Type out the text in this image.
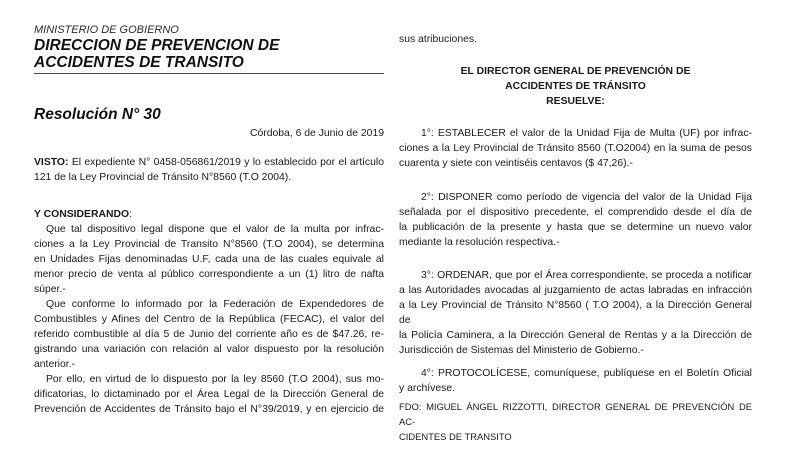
MINISTERIO DE GOBIERNO
DIRECCION DE PREVENCION DE
ACCIDENTES DE TRANSITO
Resolución N° 30
Córdoba, 6 de Junio de 2019

VISTO: El expediente N° 0458-056861/2019 y lo establecido por el artículo

121 de la Ley Provincial de Tránsito N°8560 (T.O 2004).

Y CONSIDERANDO:

Que tal dispositivo legal dispone que el valor de la multa por infrac-

ciones a la Ley Provincial de Transito N°8560 (T.O 2004), se determina

en Unidades Fijas denominadas U.F, cada una de las cuales equivale al

menor precio de venta al público correspondiente a un (1) litro de nafta

súper.-

Que conforme lo informado por la Federación de Expendedores de

Combustibles y Afines del Centro de la República (FECAC), el valor del

referido combustible al día 5 de Junio del corriente año es de $47.26, re-

gistrando una variación con relación al valor dispuesto por la resolución

anterior.-

Por ello, en virtud de lo dispuesto por la ley 8560 (T.O 2004), sus mo-

dificatorias, lo dictaminado por el Área Legal de la Dirección General de

Prevención de Accidentes de Tránsito bajo el N°39/2019, y en ejercicio de

sus atribuciones.
EL DIRECTOR GENERAL DE PREVENCIÓN DE
ACCIDENTES DE TRÁNSITO
RESUELVE:

1°: ESTABLECER el valor de la Unidad Fija de Multa (UF) por infrac-

ciones a la Ley Provincial de Tránsito 8560 (T.O2004) en la suma de pesos

cuarenta y siete con veintiséis centavos ($ 47,26).-

2°: DISPONER como período de vigencia del valor de la Unidad Fija

señalada por el dispositivo precedente, el comprendido desde el día de

la publicación de la presente y hasta que se determine un nuevo valor

mediante la resolución respectiva.-

3°: ORDENAR, que por el Área correspondiente, se proceda a notificar

a las Autoridades avocadas al juzgamiento de actas labradas en infracción

a la Ley Provincial de Tránsito N°8560 ( T.O 2004), a la Dirección General de

la Policía Caminera, a la Dirección General de Rentas y a la Dirección de

Jurisdicción de Sistemas del Ministerio de Gobierno.-

4°: PROTOCOLÍCESE, comuníquese, publíquese en el Boletín Oficial

y archívese.

FDO: MIGUEL ÁNGEL RIZZOTTI, DIRECTOR GENERAL DE PREVENCIÓN DE AC-

CIDENTES DE TRANSITO
